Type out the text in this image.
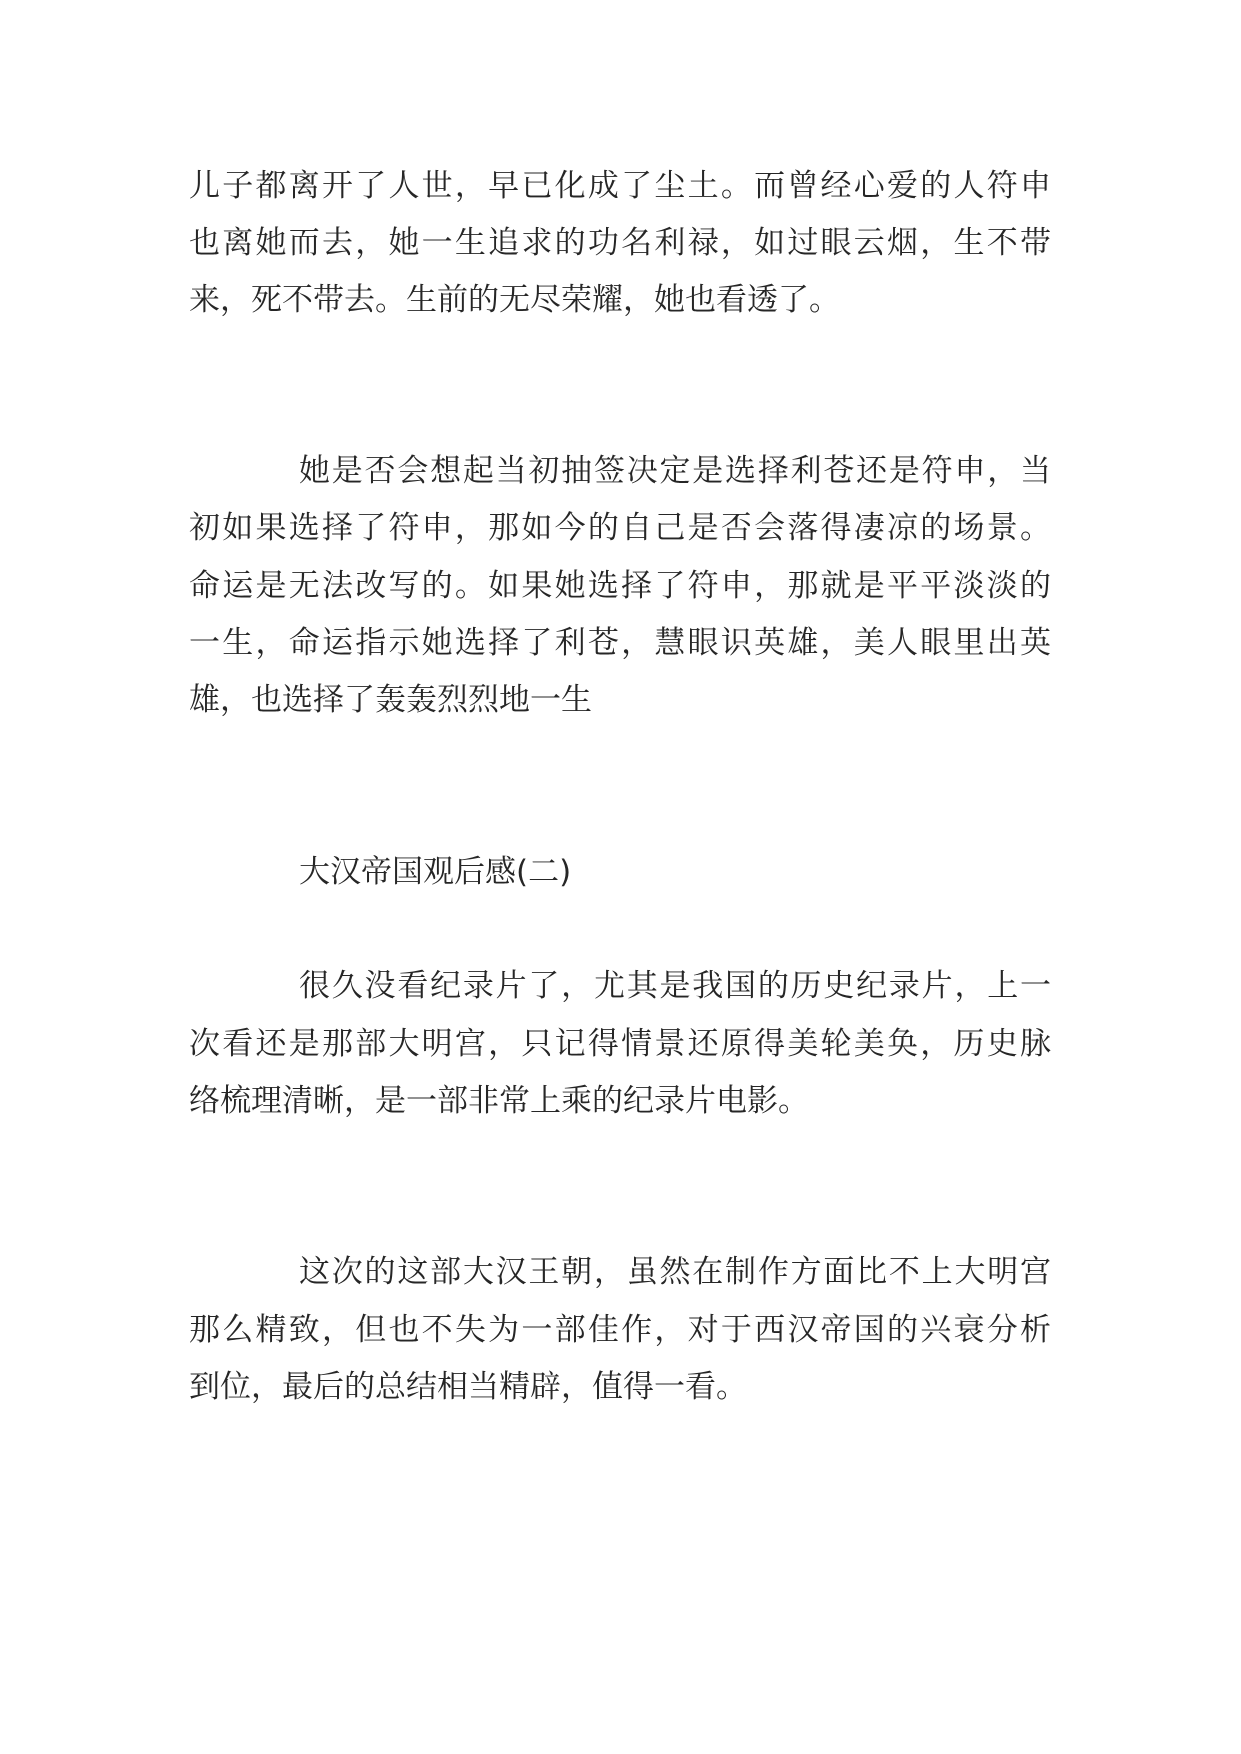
儿子都离开了人世，早已化成了尘土。而曾经心爱的人符申
也离她而去，她一生追求的功名利禄，如过眼云烟，生不带
来，死不带去。生前的无尽荣耀，她也看透了。
她是否会想起当初抽签决定是选择利苍还是符申，当
初如果选择了符申，那如今的自己是否会落得凄凉的场景。
命运是无法改写的。如果她选择了符申，那就是平平淡淡的
一生，命运指示她选择了利苍，慧眼识英雄，美人眼里出英
雄，也选择了轰轰烈烈地一生
大汉帝国观后感(二)
很久没看纪录片了，尤其是我国的历史纪录片，上一
次看还是那部大明宫，只记得情景还原得美轮美奂，历史脉
络梳理清晰，是一部非常上乘的纪录片电影。
这次的这部大汉王朝，虽然在制作方面比不上大明宫
那么精致，但也不失为一部佳作，对于西汉帝国的兴衰分析
到位，最后的总结相当精辟，值得一看。
